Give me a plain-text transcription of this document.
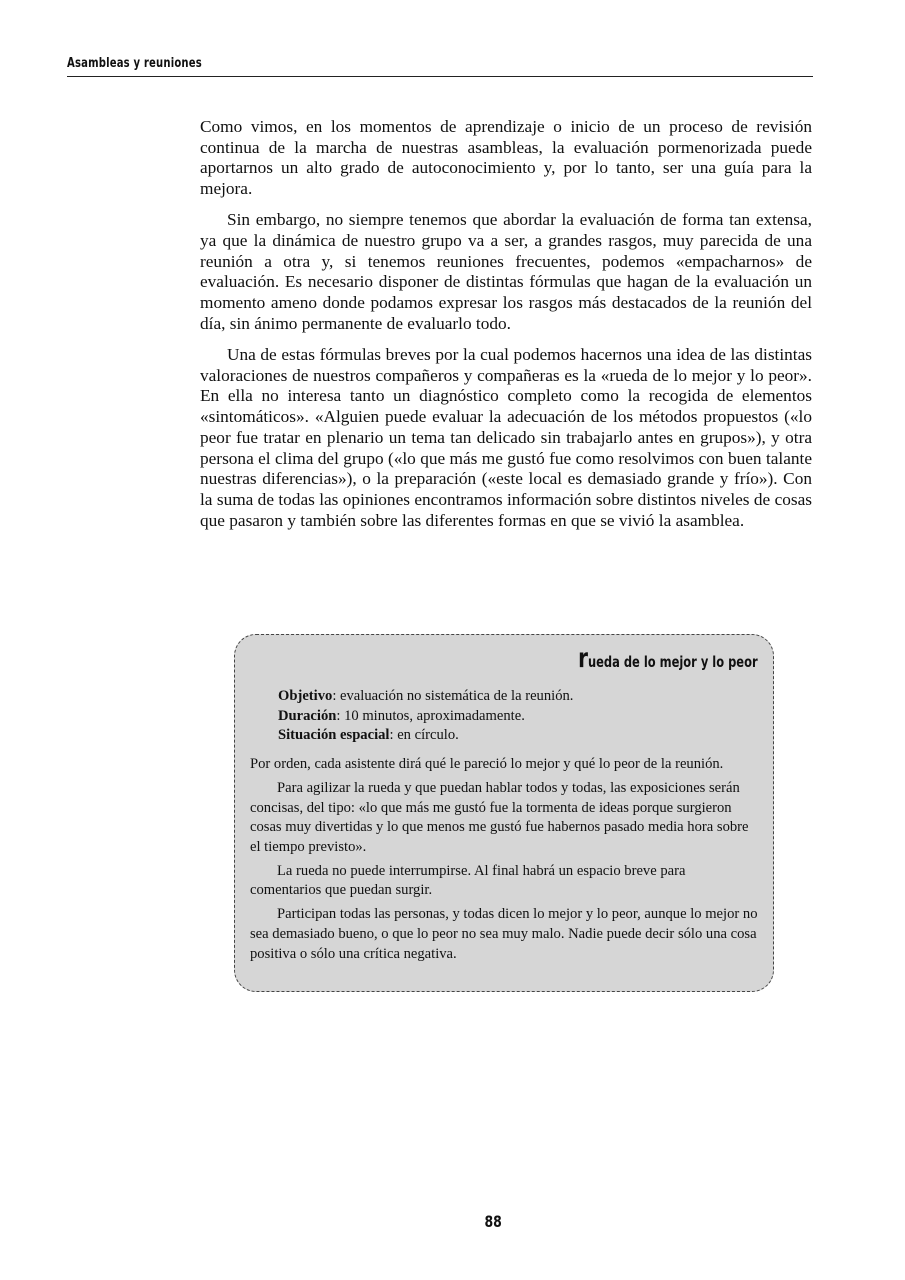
Asambleas y reuniones

Como vimos, en los momentos de aprendizaje o inicio de un proceso de revisión continua de la marcha de nuestras asambleas, la evaluación pormenorizada puede aportarnos un alto grado de autoconocimiento y, por lo tanto, ser una guía para la mejora.

Sin embargo, no siempre tenemos que abordar la evaluación de forma tan extensa, ya que la dinámica de nuestro grupo va a ser, a grandes rasgos, muy parecida de una reunión a otra y, si tenemos reuniones frecuentes, podemos «empacharnos» de evaluación. Es necesario disponer de distintas fórmulas que hagan de la evaluación un momento ameno donde podamos expresar los rasgos más destacados de la reunión del día, sin ánimo permanente de evaluarlo todo.

Una de estas fórmulas breves por la cual podemos hacernos una idea de las distintas valoraciones de nuestros compañeros y compañeras es la «rueda de lo mejor y lo peor». En ella no interesa tanto un diagnóstico completo como la recogida de elementos «sintomáticos». «Alguien puede evaluar la adecuación de los métodos propuestos («lo peor fue tratar en plenario un tema tan delicado sin trabajarlo antes en grupos»), y otra persona el clima del grupo («lo que más me gustó fue como resolvimos con buen talante nuestras diferencias»), o la preparación («este local es demasiado grande y frío»). Con la suma de todas las opiniones encontramos información sobre distintos niveles de cosas que pasaron y también sobre las diferentes formas en que se vivió la asamblea.

rueda de lo mejor y lo peor
Objetivo: evaluación no sistemática de la reunión.
Duración: 10 minutos, aproximadamente.
Situación espacial: en círculo.

Por orden, cada asistente dirá qué le pareció lo mejor y qué lo peor de la reunión.

Para agilizar la rueda y que puedan hablar todos y todas, las exposiciones serán concisas, del tipo: «lo que más me gustó fue la tormenta de ideas porque surgieron cosas muy divertidas y lo que menos me gustó fue habernos pasado media hora sobre el tiempo previsto».

La rueda no puede interrumpirse. Al final habrá un espacio breve para comentarios que puedan surgir.

Participan todas las personas, y todas dicen lo mejor y lo peor, aunque lo mejor no sea demasiado bueno, o que lo peor no sea muy malo. Nadie puede decir sólo una cosa positiva o sólo una crítica negativa.

88
